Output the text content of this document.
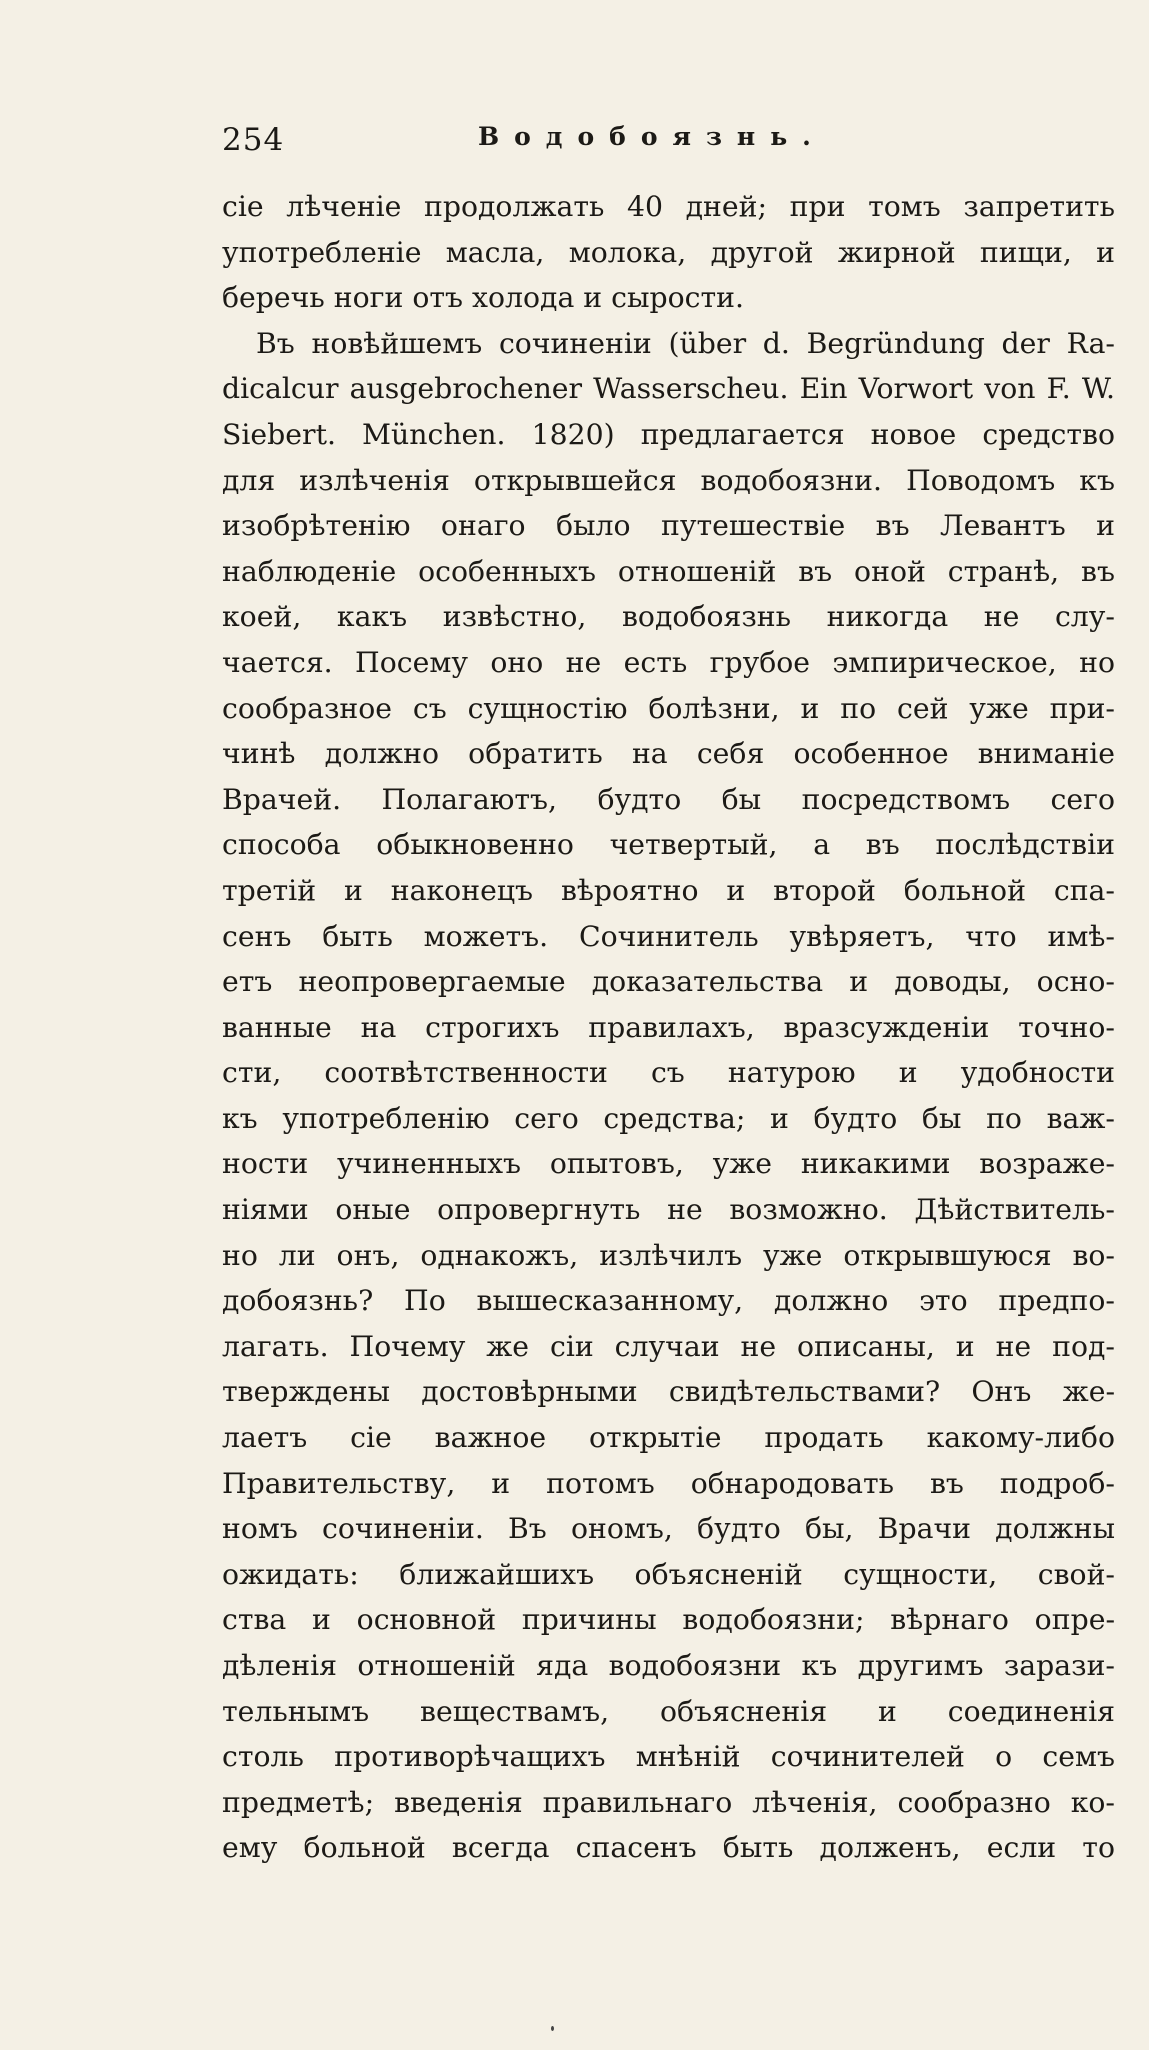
254	Водобоязнь.
сіе лѣченіе продолжать 40 дней; при томъ запретить
употребленіе масла, молока, другой жирной пищи, и
беречь ноги отъ холода и сырости.
Въ новѣйшемъ сочиненіи (über d. Begründung der Ra-
dicalcur ausgebrochener Wasserscheu. Ein Vorwort von F. W.
Siebert. München. 1820) предлагается новое средство
для излѣченія открывшейся водобоязни. Поводомъ къ
изобрѣтенію онаго было путешествіе въ Левантъ и
наблюденіе особенныхъ отношеній въ оной странѣ, въ
коей, какъ извѣстно, водобоязнь никогда не слу-
чается. Посему оно не есть грубое эмпирическое, но
сообразное съ сущностію болѣзни, и по сей уже при-
чинѣ должно обратить на себя особенное вниманіе
Врачей. Полагаютъ, будто бы посредствомъ сего
способа обыкновенно четвертый, а въ послѣдствіи
третій и наконецъ вѣроятно и второй больной спа-
сенъ быть можетъ. Сочинитель увѣряетъ, что имѣ-
етъ неопровергаемые доказательства и доводы, осно-
ванные на строгихъ правилахъ, вразсужденіи точно-
сти, соотвѣтственности съ натурою и удобности
къ употребленію сего средства; и будто бы по важ-
ности учиненныхъ опытовъ, уже никакими возраже-
ніями оные опровергнуть не возможно. Дѣйствитель-
но ли онъ, однакожъ, излѣчилъ уже открывшуюся во-
добоязнь? По вышесказанному, должно это предпо-
лагать. Почему же сіи случаи не описаны, и не под-
тверждены достовѣрными свидѣтельствами? Онъ же-
лаетъ сіе важное открытіе продать какому-либо
Правительству, и потомъ обнародовать въ подроб-
номъ сочиненіи. Въ ономъ, будто бы, Врачи должны
ожидать: ближайшихъ объясненій сущности, свой-
ства и основной причины водобоязни; вѣрнаго опре-
дѣленія отношеній яда водобоязни къ другимъ зарази-
тельнымъ веществамъ, объясненія и соединенія
столь противорѣчащихъ мнѣній сочинителей о семъ
предметѣ; введенія правильнаго лѣченія, сообразно ко-
ему больной всегда спасенъ быть долженъ, если то
